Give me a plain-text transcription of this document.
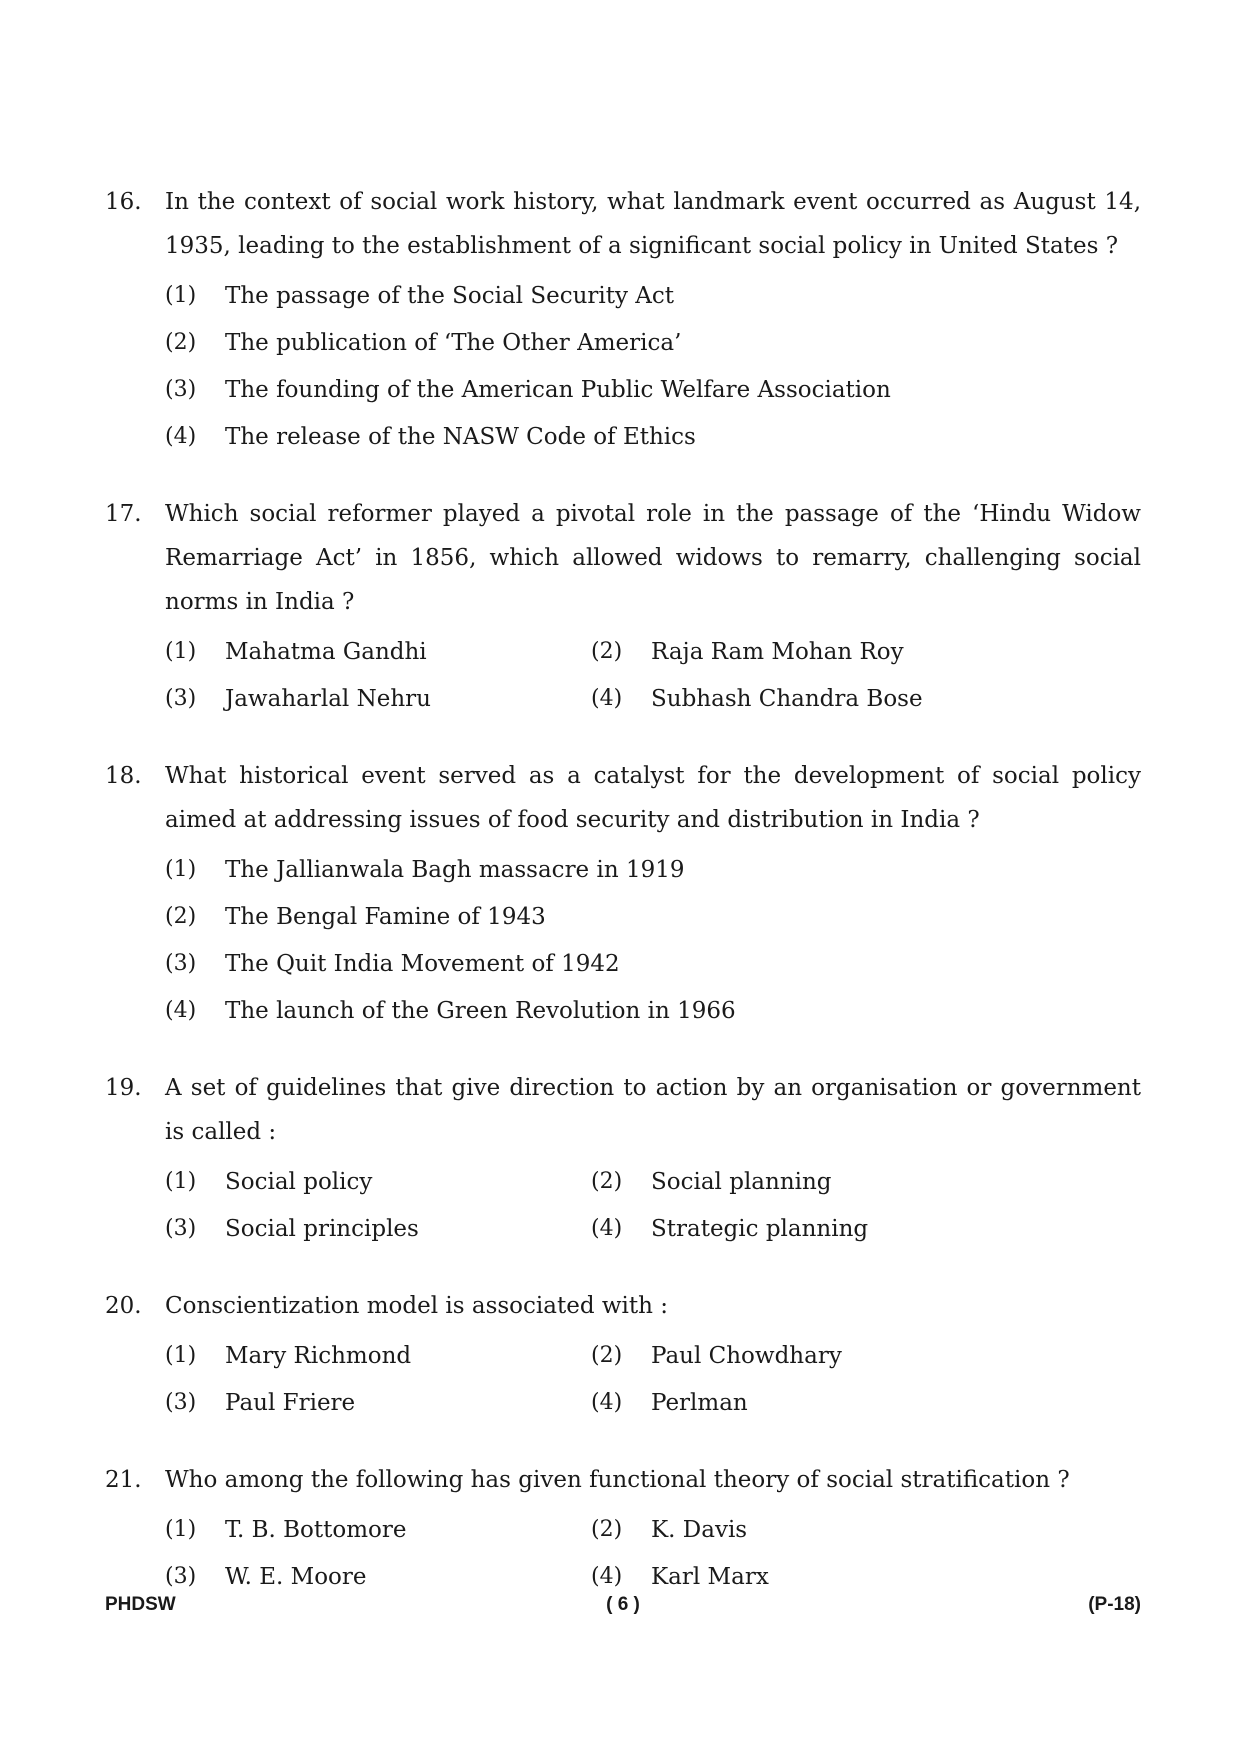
16.	In the context of social work history, what landmark event occurred as August 14, 1935, leading to the establishment of a significant social policy in United States ?
(1)	The passage of the Social Security Act
(2)	The publication of ‘The Other America’
(3)	The founding of the American Public Welfare Association
(4)	The release of the NASW Code of Ethics
17.	Which social reformer played a pivotal role in the passage of the ‘Hindu Widow Remarriage Act’ in 1856, which allowed widows to remarry, challenging social norms in India ?
(1)	Mahatma Gandhi	(2)	Raja Ram Mohan Roy
(3)	Jawaharlal Nehru	(4)	Subhash Chandra Bose
18.	What historical event served as a catalyst for the development of social policy aimed at addressing issues of food security and distribution in India ?
(1)	The Jallianwala Bagh massacre in 1919
(2)	The Bengal Famine of 1943
(3)	The Quit India Movement of 1942
(4)	The launch of the Green Revolution in 1966
19.	A set of guidelines that give direction to action by an organisation or government is called :
(1)	Social policy	(2)	Social planning
(3)	Social principles	(4)	Strategic planning
20.	Conscientization model is associated with :
(1)	Mary Richmond	(2)	Paul Chowdhary
(3)	Paul Friere	(4)	Perlman
21.	Who among the following has given functional theory of social stratification ?
(1)	T. B. Bottomore	(2)	K. Davis
(3)	W. E. Moore	(4)	Karl Marx
PHDSW	( 6 )	(P-18)
